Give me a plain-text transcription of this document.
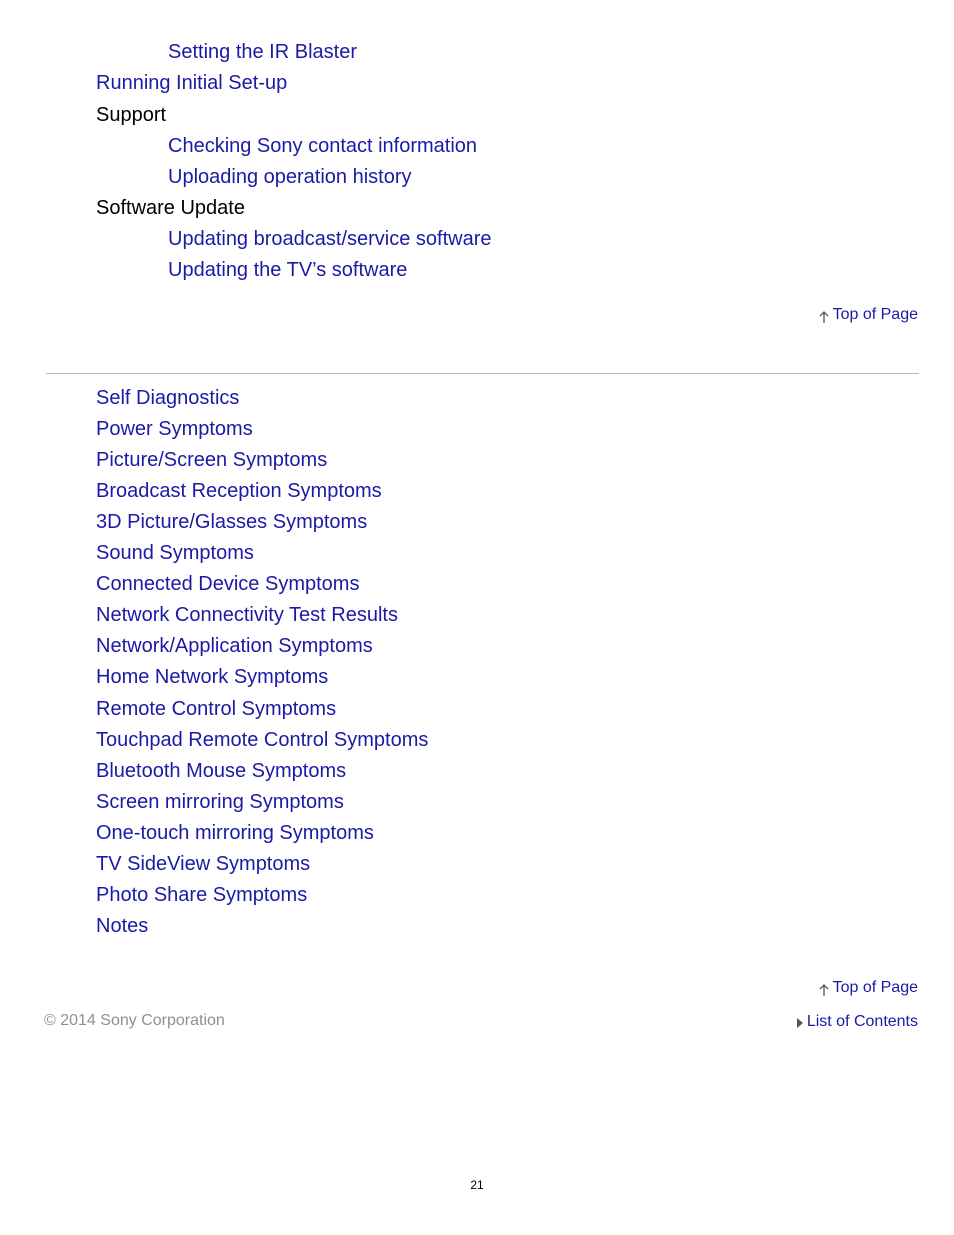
Setting the IR Blaster
Running Initial Set-up
Support
Checking Sony contact information
Uploading operation history
Software Update
Updating broadcast/service software
Updating the TV’s software
Top of Page
Self Diagnostics
Power Symptoms
Picture/Screen Symptoms
Broadcast Reception Symptoms
3D Picture/Glasses Symptoms
Sound Symptoms
Connected Device Symptoms
Network Connectivity Test Results
Network/Application Symptoms
Home Network Symptoms
Remote Control Symptoms
Touchpad Remote Control Symptoms
Bluetooth Mouse Symptoms
Screen mirroring Symptoms
One-touch mirroring Symptoms
TV SideView Symptoms
Photo Share Symptoms
Notes
Top of Page
© 2014 Sony Corporation	List of Contents
21
